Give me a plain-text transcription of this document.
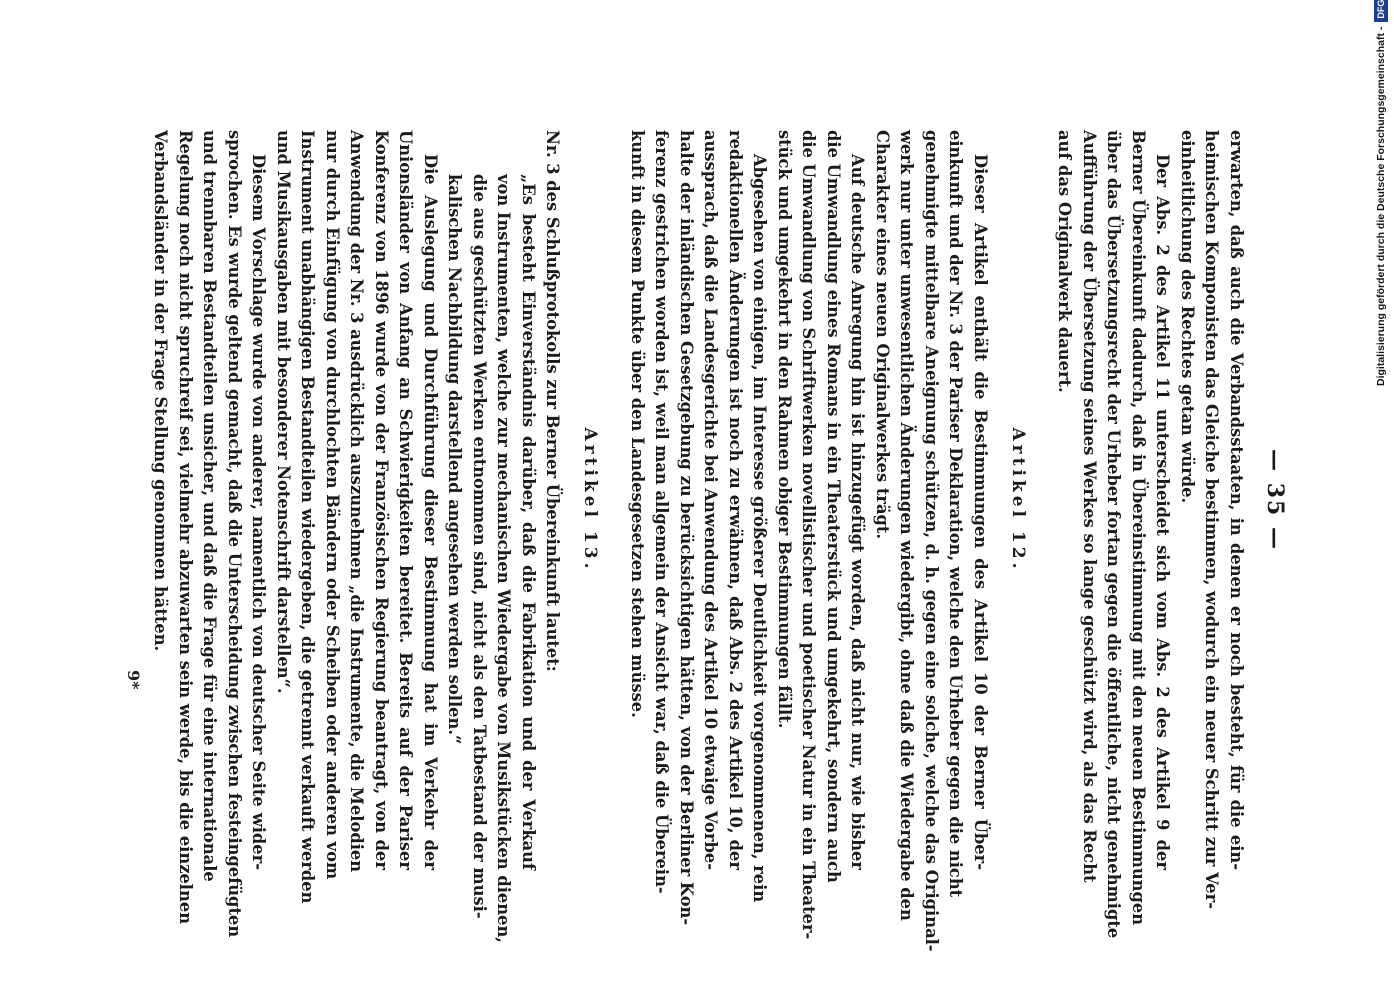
— 35 —
erwarten, daß auch die Verbandsstaaten, in denen er noch besteht, für die ein-
heimischen Komponisten das Gleiche bestimmen, wodurch ein neuer Schritt zur Ver-
einheitlichung des Rechtes getan würde.
Der Abs. 2 des Artikel 11 unterscheidet sich vom Abs. 2 des Artikel 9 der
Berner Übereinkunft dadurch, daß in Übereinstimmung mit den neuen Bestimmungen
über das Übersetzungsrecht der Urheber fortan gegen die öffentliche, nicht genehmigte
Aufführung der Übersetzung seines Werkes so lange geschützt wird, als das Recht
auf das Originalwerk dauert.
Artikel 12.
Dieser Artikel enthält die Bestimmungen des Artikel 10 der Berner Über-
einkunft und der Nr. 3 der Pariser Deklaration, welche den Urheber gegen die nicht
genehmigte mittelbare Aneignung schützen, d. h. gegen eine solche, welche das Original-
werk nur unter unwesentlichen Änderungen wiedergibt, ohne daß die Wiedergabe den
Charakter eines neuen Originalwerkes trägt.
Auf deutsche Anregung hin ist hinzugefügt worden, daß nicht nur, wie bisher
die Umwandlung eines Romans in ein Theaterstück und umgekehrt, sondern auch
die Umwandlung von Schriftwerken novellistischer und poetischer Natur in ein Theater-
stück und umgekehrt in den Rahmen obiger Bestimmungen fällt.
Abgesehen von einigen, im Interesse größerer Deutlichkeit vorgenommenen, rein
redaktionellen Änderungen ist noch zu erwähnen, daß Abs. 2 des Artikel 10, der
aussprach, daß die Landesgerichte bei Anwendung des Artikel 10 etwaige Vorbe-
halte der inländischen Gesetzgebung zu berücksichtigen hätten, von der Berliner Kon-
ferenz gestrichen worden ist, weil man allgemein der Ansicht war, daß die Überein-
kunft in diesem Punkte über den Landesgesetzen stehen müsse.
Artikel 13.
Nr. 3 des Schlußprotokolls zur Berner Übereinkunft lautet:
„Es besteht Einverständnis darüber, daß die Fabrikation und der Verkauf
von Instrumenten, welche zur mechanischen Wiedergabe von Musikstücken dienen,
die aus geschützten Werken entnommen sind, nicht als den Tatbestand der musi-
kalischen Nachbildung darstellend angesehen werden sollen.“
Die Auslegung und Durchführung dieser Bestimmung hat im Verkehr der
Unionsländer von Anfang an Schwierigkeiten bereitet. Bereits auf der Pariser
Konferenz von 1896 wurde von der Französischen Regierung beantragt, von der
Anwendung der Nr. 3 ausdrücklich auszunehmen „die Instrumente, die Melodien
nur durch Einfügung von durchlochten Bändern oder Scheiben oder anderen vom
Instrument unabhängigen Bestandteilen wiedergeben, die getrennt verkauft werden
und Musikausgaben mit besonderer Notenschrift darstellen“.
Diesem Vorschlage wurde von anderer, namentlich von deutscher Seite wider-
sprochen. Es wurde geltend gemacht, daß die Unterscheidung zwischen festeingefügten
und trennbaren Bestandteilen unsicher, und daß die Frage für eine internationale
Regelung noch nicht spruchreif sei, vielmehr abzuwarten sein werde, bis die einzelnen
Verbandsländer in der Frage Stellung genommen hätten.
9*
Digitalisierung gefördert durch die Deutsche Forschungsgemeinschaft -
DFG
